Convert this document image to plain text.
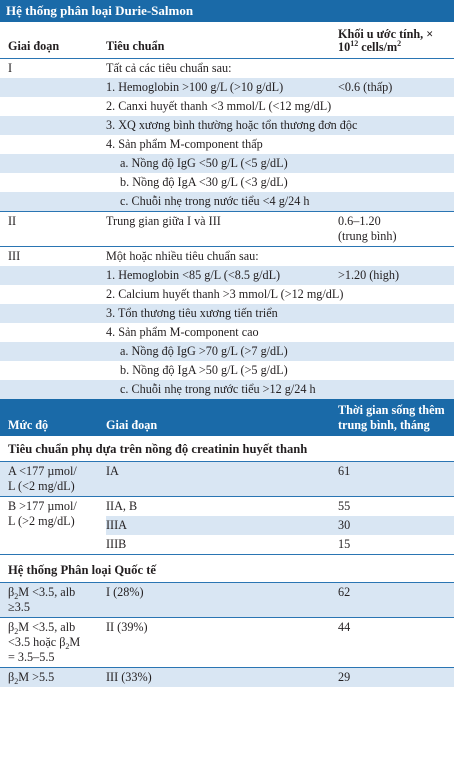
Hệ thống phân loại Durie-Salmon
Giai đoạn	Tiêu chuẩn	Khối u ước tính, × $10^{12}$ cells/$m^2$
I	Tất cả các tiêu chuẩn sau:	
	1. Hemoglobin >100 g/L (>10 g/dL)	<0.6 (thấp)
	2. Canxi huyết thanh <3 mmol/L (<12 mg/dL)	
	3. XQ xương bình thường hoặc tổn thương đơn độc	
	4. Sản phẩm M-component thấp	
	a. Nồng độ IgG <50 g/L (<5 g/dL)	
	b. Nồng độ IgA <30 g/L (<3 g/dL)	
	c. Chuỗi nhẹ trong nước tiểu <4 g/24 h	
II	Trung gian giữa I và III	0.6–1.20
(trung bình)
III	Một hoặc nhiều tiêu chuẩn sau:	
	1. Hemoglobin <85 g/L (<8.5 g/dL)	>1.20 (high)
	2. Calcium huyết thanh >3 mmol/L (>12 mg/dL)	
	3. Tổn thương tiêu xương tiến triển	
	4. Sản phẩm M-component cao	
	a. Nồng độ IgG >70 g/L (>7 g/dL)	
	b. Nồng độ IgA >50 g/L (>5 g/dL)	
	c. Chuỗi nhẹ trong nước tiểu >12 g/24 h	
Mức độ	Giai đoạn	Thời gian sống thêm
trung bình, tháng
Tiêu chuẩn phụ dựa trên nồng độ creatinin huyết thanh		
A <177 µmol/
L (<2 mg/dL)	IA	61
B >177 µmol/
L (>2 mg/dL)	IIA, B	55
	IIIA	30
	IIIB	15
Hệ thống Phân loại Quốc tế		
$\beta_2M <3.5$, alb
≥3.5	I (28%)	62
$\beta_2M <3.5$, alb
<3.5 hoặc $\beta_2M$
= 3.5–5.5	II (39%)	44
$\beta_2M >5.5$	III (33%)	29
